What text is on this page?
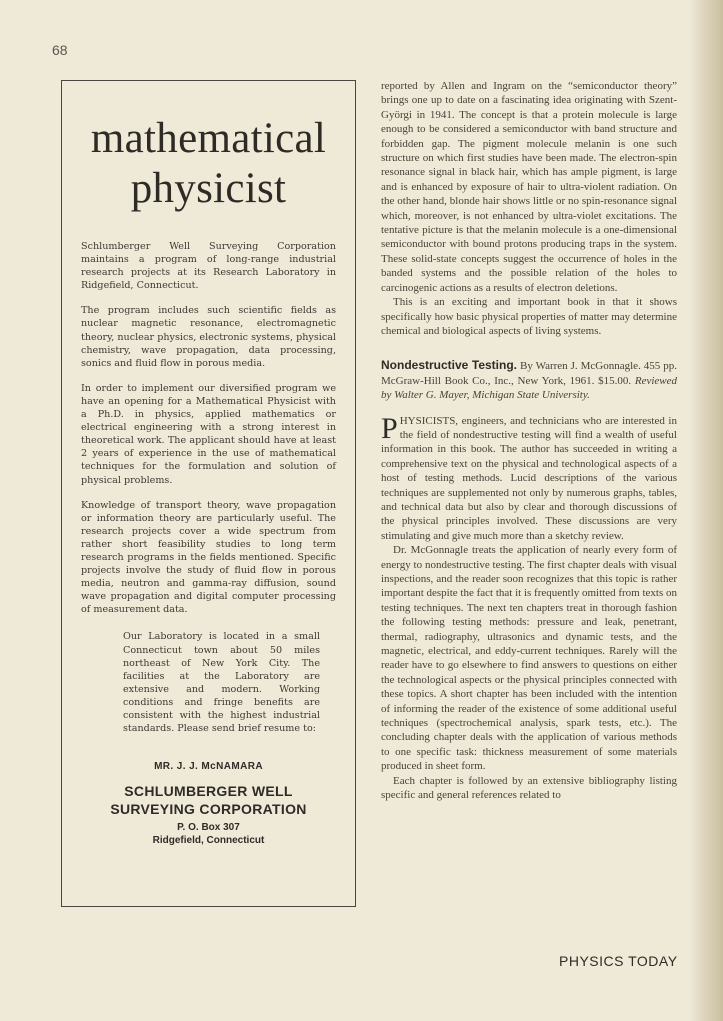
68
mathematical
physicist

Schlumberger Well Surveying Corporation maintains a program of long-range industrial research projects at its Research Laboratory in Ridgefield, Connecticut.

The program includes such scientific fields as nuclear magnetic resonance, electromagnetic theory, nuclear physics, electronic systems, physical chemistry, wave propagation, data processing, sonics and fluid flow in porous media.

In order to implement our diversified program we have an opening for a Mathematical Physicist with a Ph.D. in physics, applied mathematics or electrical engineering with a strong interest in theoretical work. The applicant should have at least 2 years of experience in the use of mathematical techniques for the formulation and solution of physical problems.

Knowledge of transport theory, wave propagation or information theory are particularly useful. The research projects cover a wide spectrum from rather short feasibility studies to long term research programs in the fields mentioned. Specific projects involve the study of fluid flow in porous media, neutron and gamma-ray diffusion, sound wave propagation and digital computer processing of measurement data.

Our Laboratory is located in a small Connecticut town about 50 miles northeast of New York City. The facilities at the Laboratory are extensive and modern. Working conditions and fringe benefits are consistent with the highest industrial standards. Please send brief resume to:

MR. J. J. McNAMARA
SCHLUMBERGER WELL
SURVEYING CORPORATION
P. O. Box 307
Ridgefield, Connecticut

reported by Allen and Ingram on the “semiconductor theory” brings one up to date on a fascinating idea originating with Szent-Györgi in 1941. The concept is that a protein molecule is large enough to be considered a semiconductor with band structure and forbidden gap. The pigment molecule melanin is one such structure on which first studies have been made. The electron-spin resonance signal in black hair, which has ample pigment, is large and is enhanced by exposure of hair to ultra-violent radiation. On the other hand, blonde hair shows little or no spin-resonance signal which, moreover, is not enhanced by ultra-violet excitations. The tentative picture is that the melanin molecule is a one-dimensional semiconductor with bound protons producing traps in the system. These solid-state concepts suggest the occurrence of holes in the banded systems and the possible relation of the holes to carcinogenic actions as a results of electron deletions.

This is an exciting and important book in that it shows specifically how basic physical properties of matter may determine chemical and biological aspects of living systems.

Nondestructive Testing. By Warren J. McGonnagle. 455 pp. McGraw-Hill Book Co., Inc., New York, 1961. $15.00. Reviewed by Walter G. Mayer, Michigan State University.

PHYSICISTS, engineers, and technicians who are interested in the field of nondestructive testing will find a wealth of useful information in this book. The author has succeeded in writing a comprehensive text on the physical and technological aspects of a host of testing methods. Lucid descriptions of the various techniques are supplemented not only by numerous graphs, tables, and technical data but also by clear and thorough discussions of the physical principles involved. These discussions are very stimulating and give much more than a sketchy review.

Dr. McGonnagle treats the application of nearly every form of energy to nondestructive testing. The first chapter deals with visual inspections, and the reader soon recognizes that this topic is rather important despite the fact that it is frequently omitted from texts on testing techniques. The next ten chapters treat in thorough fashion the following testing methods: pressure and leak, penetrant, thermal, radiography, ultrasonics and dynamic tests, and the magnetic, electrical, and eddy-current techniques. Rarely will the reader have to go elsewhere to find answers to questions on either the technological aspects or the physical principles connected with these topics. A short chapter has been included with the intention of informing the reader of the existence of some additional useful techniques (spectrochemical analysis, spark tests, etc.). The concluding chapter deals with the application of various methods to one specific task: thickness measurement of some materials produced in sheet form.

Each chapter is followed by an extensive bibliography listing specific and general references related to

PHYSICS TODAY
